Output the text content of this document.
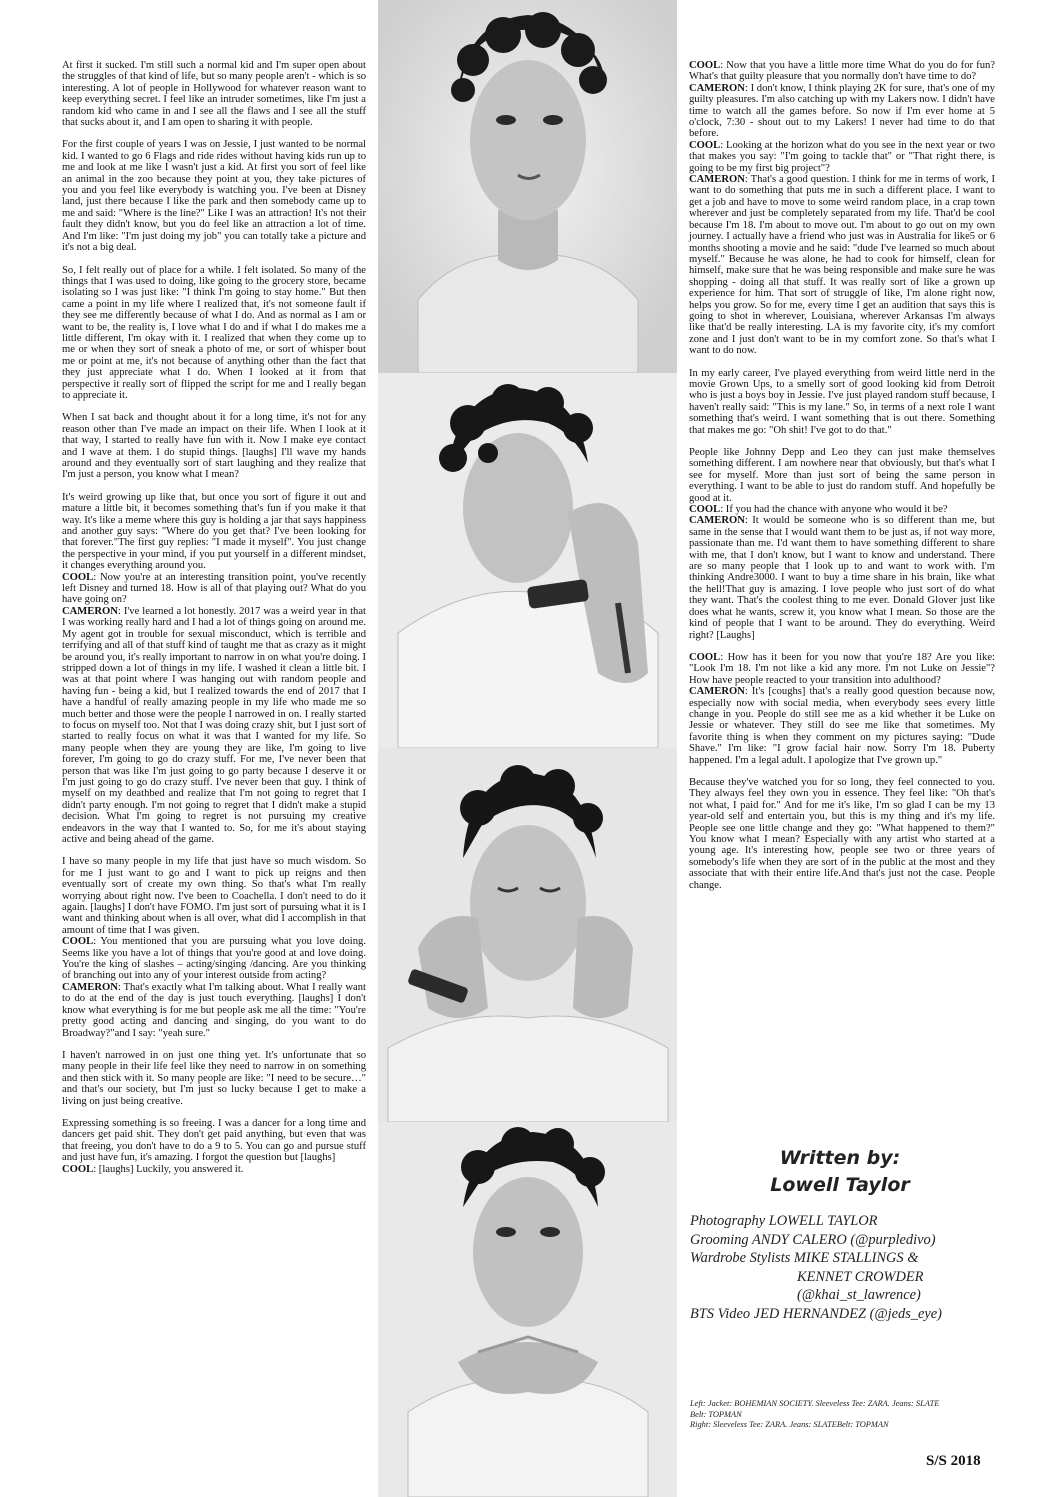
At first it sucked. I'm still such a normal kid and I'm super open about the struggles of that kind of life, but so many people aren't - which is so interesting. A lot of people in Hollywood for whatever reason want to keep everything secret. I feel like an intruder sometimes, like I'm just a random kid who came in and I see all the flaws and I see all the stuff that sucks about it, and I am open to sharing it with people.

For the first couple of years I was on Jessie, I just wanted to be normal kid. I wanted to go 6 Flags and ride rides without having kids run up to me and look at me like I wasn't just a kid. At first you sort of feel like an animal in the zoo because they point at you, they take pictures of you and you feel like everybody is watching you. I've been at Disney land, just there because I like the park and then somebody came up to me and said: "Where is the line?" Like I was an attraction! It's not their fault they didn't know, but you do feel like an attraction a lot of time. And I'm like: "I'm just doing my job" you can totally take a picture and it's not a big deal.

So, I felt really out of place for a while. I felt isolated. So many of the things that I was used to doing, like going to the grocery store, became isolating so I was just like: "I think I'm going to stay home." But then came a point in my life where I realized that, it's not someone fault if they see me differently because of what I do. And as normal as I am or want to be, the reality is, I love what I do and if what I do makes me a little different, I'm okay with it. I realized that when they come up to me or when they sort of sneak a photo of me, or sort of whisper bout me or point at me, it's not because of anything other than the fact that they just appreciate what I do. When I looked at it from that perspective it really sort of flipped the script for me and I really began to appreciate it.

When I sat back and thought about it for a long time, it's not for any reason other than I've made an impact on their life. When I look at it that way, I started to really have fun with it. Now I make eye contact and I wave at them. I do stupid things. [laughs] I'll wave my hands around and they eventually sort of start laughing and they realize that I'm just a person, you know what I mean?

It's weird growing up like that, but once you sort of figure it out and mature a little bit, it becomes something that's fun if you make it that way. It's like a meme where this guy is holding a jar that says happiness and another guy says: "Where do you get that? I've been looking for that forever."The first guy replies: "I made it myself". You just change the perspective in your mind, if you put yourself in a different mindset, it changes everything around you.

COOL: Now you're at an interesting transition point, you've recently left Disney and turned 18. How is all of that playing out? What do you have going on?

CAMERON: I've learned a lot honestly. 2017 was a weird year in that I was working really hard and I had a lot of things going on around me. My agent got in trouble for sexual misconduct, which is terrible and terrifying and all of that stuff kind of taught me that as crazy as it might be around you, it's really important to narrow in on what you're doing. I stripped down a lot of things in my life. I washed it clean a little bit. I was at that point where I was hanging out with random people and having fun - being a kid, but I realized towards the end of 2017 that I have a handful of really amazing people in my life who made me so much better and those were the people I narrowed in on. I really started to focus on myself too. Not that I was doing crazy shit, but I just sort of started to really focus on what it was that I wanted for my life. So many people when they are young they are like, I'm going to live forever, I'm going to go do crazy stuff. For me, I've never been that person that was like I'm just going to go party because I deserve it or I'm just going to go do crazy stuff. I've never been that guy. I think of myself on my deathbed and realize that I'm not going to regret that I didn't party enough. I'm not going to regret that I didn't make a stupid decision. What I'm going to regret is not pursuing my creative endeavors in the way that I wanted to. So, for me it's about staying active and being ahead of the game.

I have so many people in my life that just have so much wisdom. So for me I just want to go and I want to pick up reigns and then eventually sort of create my own thing. So that's what I'm really worrying about right now. I've been to Coachella. I don't need to do it again. [laughs] I don't have FOMO. I'm just sort of pursuing what it is I want and thinking about when is all over, what did I accomplish in that amount of time that I was given.

COOL: You mentioned that you are pursuing what you love doing. Seems like you have a lot of things that you're good at and love doing. You're the king of slashes – acting/singing /dancing. Are you thinking of branching out into any of your interest outside from acting?

CAMERON: That's exactly what I'm talking about. What I really want to do at the end of the day is just touch everything. [laughs] I don't know what everything is for me but people ask me all the time: "You're pretty good acting and dancing and singing, do you want to do Broadway?"and I say: "yeah sure."

I haven't narrowed in on just one thing yet. It's unfortunate that so many people in their life feel like they need to narrow in on something and then stick with it. So many people are like: "I need to be secure…" and that's our society, but I'm just so lucky because I get to make a living on just being creative.

Expressing something is so freeing. I was a dancer for a long time and dancers get paid shit. They don't get paid anything, but even that was that freeing, you don't have to do a 9 to 5. You can go and pursue stuff and just have fun, it's amazing. I forgot the question but [laughs]

COOL: [laughs] Luckily, you answered it.

COOL: Now that you have a little more time What do you do for fun? What's that guilty pleasure that you normally don't have time to do?

CAMERON: I don't know, I think playing 2K for sure, that's one of my guilty pleasures. I'm also catching up with my Lakers now. I didn't have time to watch all the games before. So now if I'm ever home at 5 o'clock, 7:30 - shout out to my Lakers! I never had time to do that before.

COOL: Looking at the horizon what do you see in the next year or two that makes you say: "I'm going to tackle that" or "That right there, is going to be my first big project"?

CAMERON: That's a good question. I think for me in terms of work, I want to do something that puts me in such a different place. I want to get a job and have to move to some weird random place, in a crap town wherever and just be completely separated from my life. That'd be cool because I'm 18. I'm about to move out. I'm about to go out on my own journey. I actually have a friend who just was in Australia for like5 or 6 months shooting a movie and he said: "dude I've learned so much about myself." Because he was alone, he had to cook for himself, clean for himself, make sure that he was being responsible and make sure he was shopping - doing all that stuff. It was really sort of like a grown up experience for him. That sort of struggle of like, I'm alone right now, helps you grow. So for me, every time I get an audition that says this is going to shot in wherever, Louisiana, wherever Arkansas I'm always like that'd be really interesting. LA is my favorite city, it's my comfort zone and I just don't want to be in my comfort zone. So that's what I want to do now.

In my early career, I've played everything from weird little nerd in the movie Grown Ups, to a smelly sort of good looking kid from Detroit who is just a boys boy in Jessie. I've just played random stuff because, I haven't really said: "This is my lane." So, in terms of a next role I want something that's weird. I want something that is out there. Something that makes me go: "Oh shit! I've got to do that."

People like Johnny Depp and Leo they can just make themselves something different. I am nowhere near that obviously, but that's what I see for myself. More than just sort of being the same person in everything. I want to be able to just do random stuff. And hopefully be good at it.

COOL: If you had the chance with anyone who would it be?

CAMERON: It would be someone who is so different than me, but same in the sense that I would want them to be just as, if not way more, passionate than me. I'd want them to have something different to share with me, that I don't know, but I want to know and understand. There are so many people that I look up to and want to work with. I'm thinking Andre3000. I want to buy a time share in his brain, like what the hell!That guy is amazing. I love people who just sort of do what they want. That's the coolest thing to me ever. Donald Glover just like does what he wants, screw it, you know what I mean. So those are the kind of people that I want to be around. They do everything. Weird right? [Laughs]

COOL: How has it been for you now that you're 18? Are you like: "Look I'm 18. I'm not like a kid any more. I'm not Luke on Jessie"? How have people reacted to your transition into adulthood?

CAMERON: It's [coughs] that's a really good question because now, especially now with social media, when everybody sees every little change in you. People do still see me as a kid whether it be Luke on Jessie or whatever. They still do see me like that sometimes. My favorite thing is when they comment on my pictures saying: "Dude Shave." I'm like: "I grow facial hair now. Sorry I'm 18. Puberty happened. I'm a legal adult. I apologize that I've grown up."

Because they've watched you for so long, they feel connected to you. They always feel they own you in essence. They feel like: "Oh that's not what, I paid for." And for me it's like, I'm so glad I can be my 13 year-old self and entertain you, but this is my thing and it's my life. People see one little change and they go: "What happened to them?" You know what I mean? Especially with any artist who started at a young age. It's interesting how, people see two or three years of somebody's life when they are sort of in the public at the most and they associate that with their entire life.And that's just not the case. People change.

Written by:
Lowell Taylor
Photography LOWELL TAYLOR
Grooming ANDY CALERO (@purpledivo)
Wardrobe Stylists MIKE STALLINGS &
KENNET CROWDER
(@khai_st_lawrence)
BTS Video JED HERNANDEZ (@jeds_eye)
Left: Jacket: BOHEMIAN SOCIETY. Sleeveless Tee: ZARA. Jeans: SLATE
Belt: TOPMAN
Right: Sleeveless Tee: ZARA. Jeans: SLATEBelt: TOPMAN
S/S 2018
